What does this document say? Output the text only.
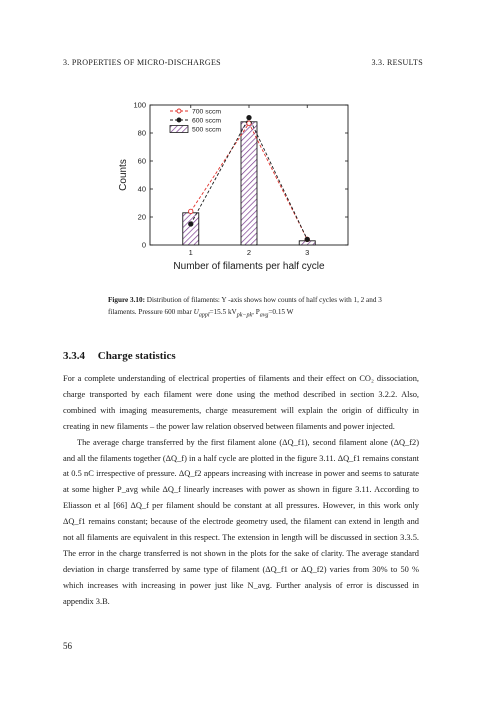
3. PROPERTIES OF MICRO-DISCHARGES	3.3. RESULTS
700 sccm
600 sccm
500 sccm
0
20
40
60
80
100
1	2	3
Number of filaments per half cycle
Counts
Figure 3.10: Distribution of filaments: Y -axis shows how counts of half cycles with 1, 2 and 3 filaments. Pressure 600 mbar $U_{appl}=15.5$ $kV_{pk-pk}$, $P_{avg}=0.15$ W
3.3.4 Charge statistics

For a complete understanding of electrical properties of filaments and their effect on CO₂ dissociation, charge transported by each filament were done using the method described in section 3.2.2. Also, combined with imaging measurements, charge measurement will explain the origin of difficulty in creating in new filaments – the power law relation observed between filaments and power injected.

The average charge transferred by the first filament alone (ΔQ_f1), second filament alone (ΔQ_f2) and all the filaments together (ΔQ_f) in a half cycle are plotted in the figure 3.11. ΔQ_f1 remains constant at 0.5 nC irrespective of pressure. ΔQ_f2 appears increasing with increase in power and seems to saturate at some higher P_avg while ΔQ_f linearly increases with power as shown in figure 3.11. According to Eliasson et al [66] ΔQ_f per filament should be constant at all pressures. However, in this work only ΔQ_f1 remains constant; because of the electrode geometry used, the filament can extend in length and not all filaments are equivalent in this respect. The extension in length will be discussed in section 3.3.5. The error in the charge transferred is not shown in the plots for the sake of clarity. The average standard deviation in charge transferred by same type of filament (ΔQ_f1 or ΔQ_f2) varies from 30% to 50 % which increases with increasing in power just like N_avg. Further analysis of error is discussed in appendix 3.B.

56
